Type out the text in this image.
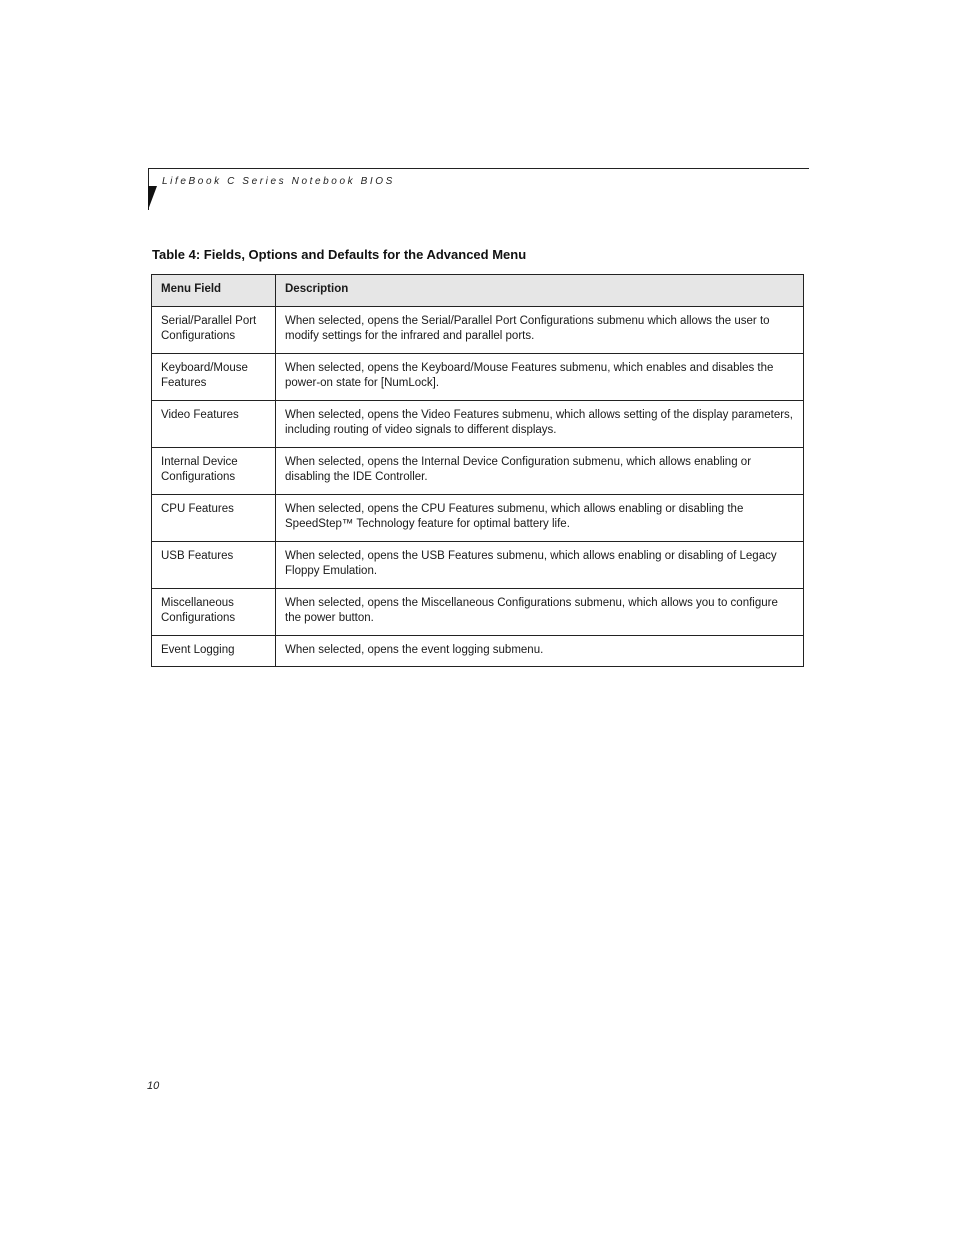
LifeBook C Series Notebook BIOS
Table 4: Fields, Options and Defaults for the Advanced Menu
Menu Field	Description
Serial/Parallel Port Configurations	When selected, opens the Serial/Parallel Port Configurations submenu which allows the user to modify settings for the infrared and parallel ports.
Keyboard/Mouse Features	When selected, opens the Keyboard/Mouse Features submenu, which enables and disables the power-on state for [NumLock].
Video Features	When selected, opens the Video Features submenu, which allows setting of the display parameters, including routing of video signals to different displays.
Internal Device Configurations	When selected, opens the Internal Device Configuration submenu, which allows enabling or disabling the IDE Controller.
CPU Features	When selected, opens the CPU Features submenu, which allows enabling or disabling the SpeedStep™ Technology feature for optimal battery life.
USB Features	When selected, opens the USB Features submenu, which allows enabling or disabling of Legacy Floppy Emulation.
Miscellaneous Configurations	When selected, opens the Miscellaneous Configurations submenu, which allows you to configure the power button.
Event Logging	When selected, opens the event logging submenu.
10
